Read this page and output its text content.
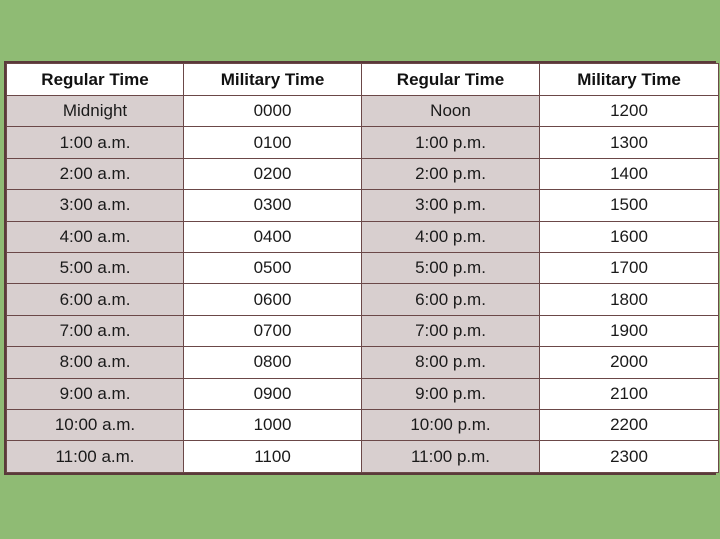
Regular Time	Military Time	Regular Time	Military Time
Midnight	0000	Noon	1200
1:00 a.m.	0100	1:00 p.m.	1300
2:00 a.m.	0200	2:00 p.m.	1400
3:00 a.m.	0300	3:00 p.m.	1500
4:00 a.m.	0400	4:00 p.m.	1600
5:00 a.m.	0500	5:00 p.m.	1700
6:00 a.m.	0600	6:00 p.m.	1800
7:00 a.m.	0700	7:00 p.m.	1900
8:00 a.m.	0800	8:00 p.m.	2000
9:00 a.m.	0900	9:00 p.m.	2100
10:00 a.m.	1000	10:00 p.m.	2200
11:00 a.m.	1100	11:00 p.m.	2300
